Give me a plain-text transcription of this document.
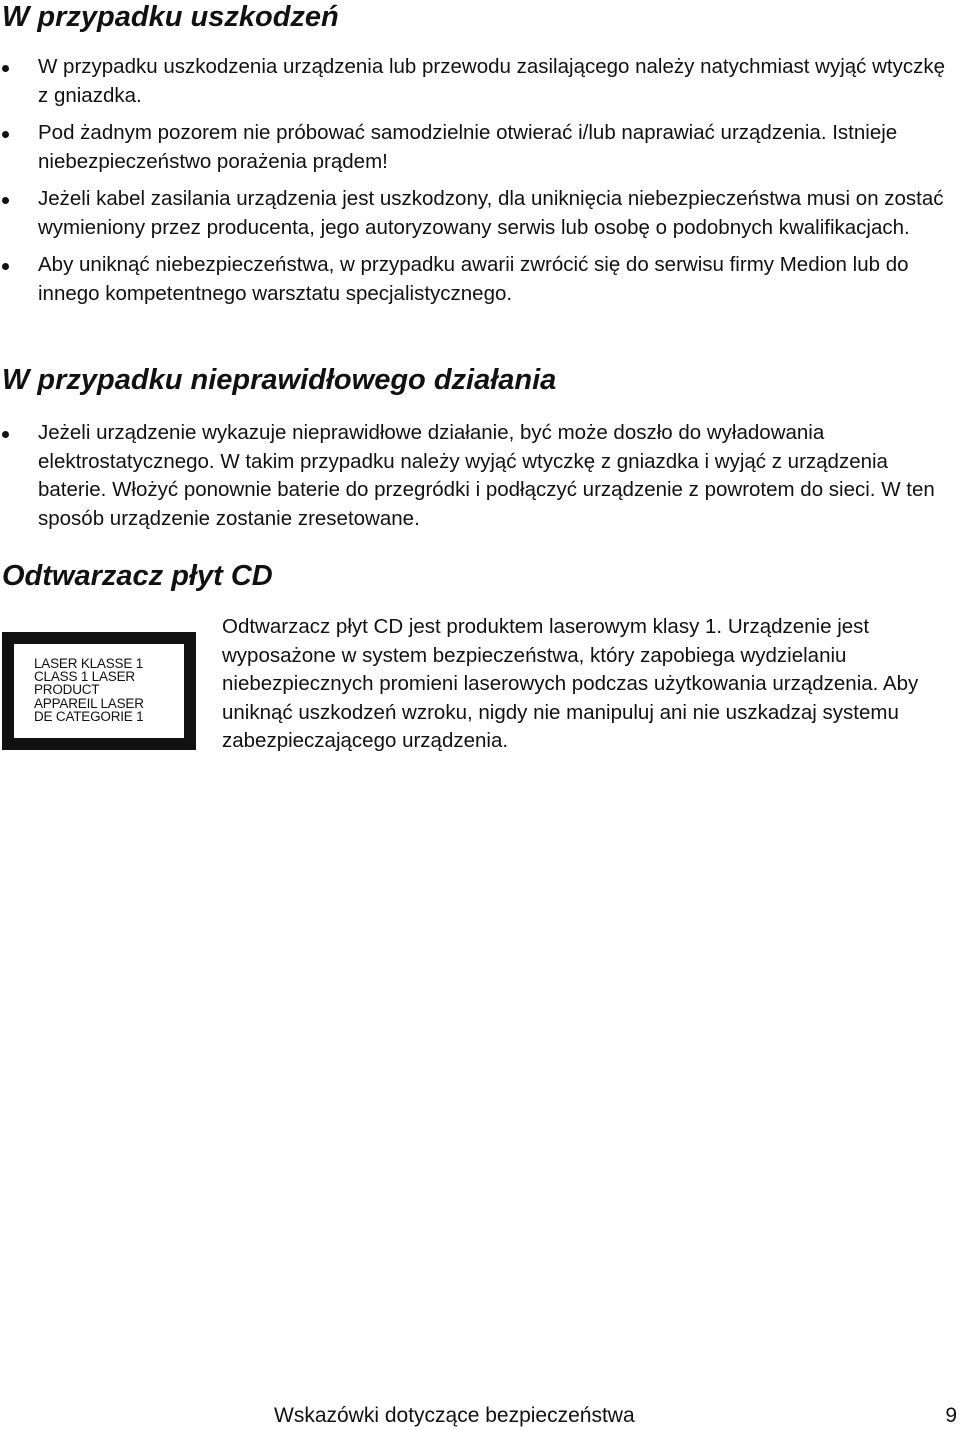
W przypadku uszkodzeń
W przypadku uszkodzenia urządzenia lub przewodu zasilającego należy natychmiast wyjąć wtyczkę z gniazdka.
Pod żadnym pozorem nie próbować samodzielnie otwierać i/lub naprawiać urządzenia. Istnieje niebezpieczeństwo porażenia prądem!
Jeżeli kabel zasilania urządzenia jest uszkodzony, dla uniknięcia niebezpieczeństwa musi on zostać wymieniony przez producenta, jego autoryzowany serwis lub osobę o podobnych kwalifikacjach.
Aby uniknąć niebezpieczeństwa, w przypadku awarii zwrócić się do serwisu firmy Medion lub do innego kompetentnego warsztatu specjalistycznego.
W przypadku nieprawidłowego działania
Jeżeli urządzenie wykazuje nieprawidłowe działanie, być może doszło do wyładowania elektrostatycznego. W takim przypadku należy wyjąć wtyczkę z gniazdka i wyjąć z urządzenia baterie. Włożyć ponownie baterie do przegródki i podłączyć urządzenie z powrotem do sieci. W ten sposób urządzenie zostanie zresetowane.
Odtwarzacz płyt CD
LASER KLASSE 1
CLASS 1 LASER
PRODUCT
APPAREIL LASER
DE CATEGORIE 1

Odtwarzacz płyt CD jest produktem laserowym klasy 1. Urządzenie jest wyposażone w system bezpieczeństwa, który zapobiega wydzielaniu niebezpiecznych promieni laserowych podczas użytkowania urządzenia. Aby uniknąć uszkodzeń wzroku, nigdy nie manipuluj ani nie uszkadzaj systemu zabezpieczającego urządzenia.

Wskazówki dotyczące bezpieczeństwa	9
